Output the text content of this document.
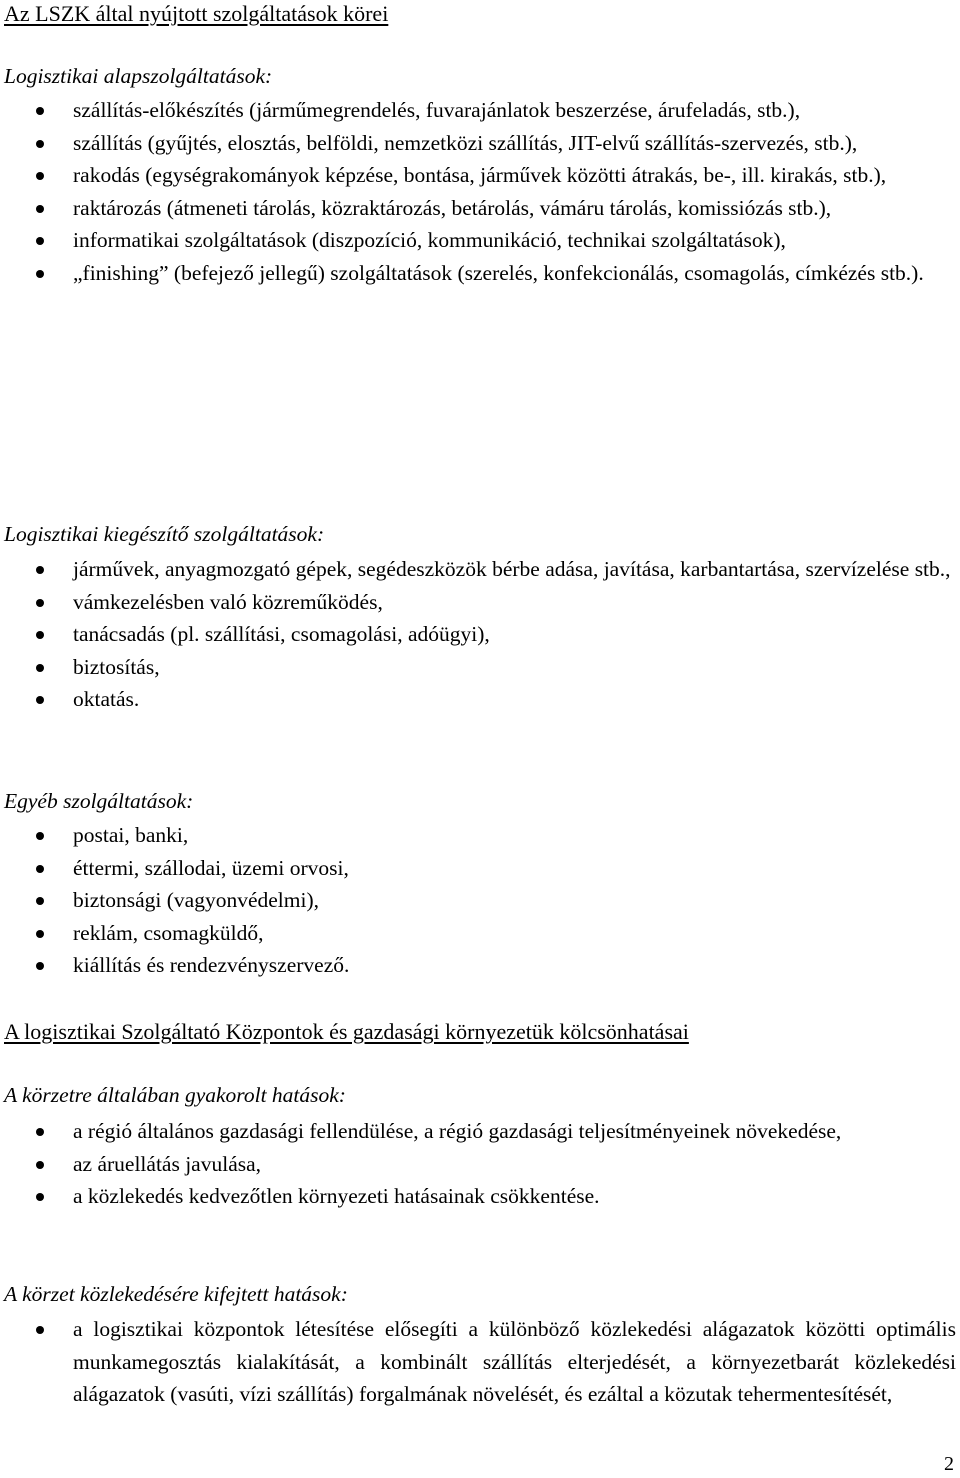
Az LSZK által nyújtott szolgáltatások körei
Logisztikai alapszolgáltatások:
szállítás-előkészítés (járműmegrendelés, fuvarajánlatok beszerzése, árufeladás, stb.),
szállítás (gyűjtés, elosztás, belföldi, nemzetközi szállítás, JIT-elvű szállítás-szervezés, stb.),
rakodás (egységrakományok képzése, bontása, járművek közötti átrakás, be-, ill. kirakás, stb.),
raktározás (átmeneti tárolás, közraktározás, betárolás, vámáru tárolás, komissiózás stb.),
informatikai szolgáltatások (diszpozíció, kommunikáció, technikai szolgáltatások),
„finishing” (befejező jellegű) szolgáltatások (szerelés, konfekcionálás, csomagolás, címkézés stb.).
Logisztikai kiegészítő szolgáltatások:
járművek, anyagmozgató gépek, segédeszközök bérbe adása, javítása, karbantartása, szervízelése stb.,
vámkezelésben való közreműködés,
tanácsadás (pl. szállítási, csomagolási, adóügyi),
biztosítás,
oktatás.
Egyéb szolgáltatások:
postai, banki,
éttermi, szállodai, üzemi orvosi,
biztonsági (vagyonvédelmi),
reklám, csomagküldő,
kiállítás és rendezvényszervező.
A logisztikai Szolgáltató Központok és gazdasági környezetük kölcsönhatásai
A körzetre általában gyakorolt hatások:
a régió általános gazdasági fellendülése, a régió gazdasági teljesítményeinek növekedése,
az áruellátás javulása,
a közlekedés kedvezőtlen környezeti hatásainak csökkentése.
A körzet közlekedésére kifejtett hatások:
a logisztikai központok létesítése elősegíti a különböző közlekedési alágazatok közötti optimális munkamegosztás kialakítását, a kombinált szállítás elterjedését, a környezetbarát közlekedési alágazatok (vasúti, vízi szállítás) forgalmának növelését, és ezáltal a közutak tehermentesítését,
2
